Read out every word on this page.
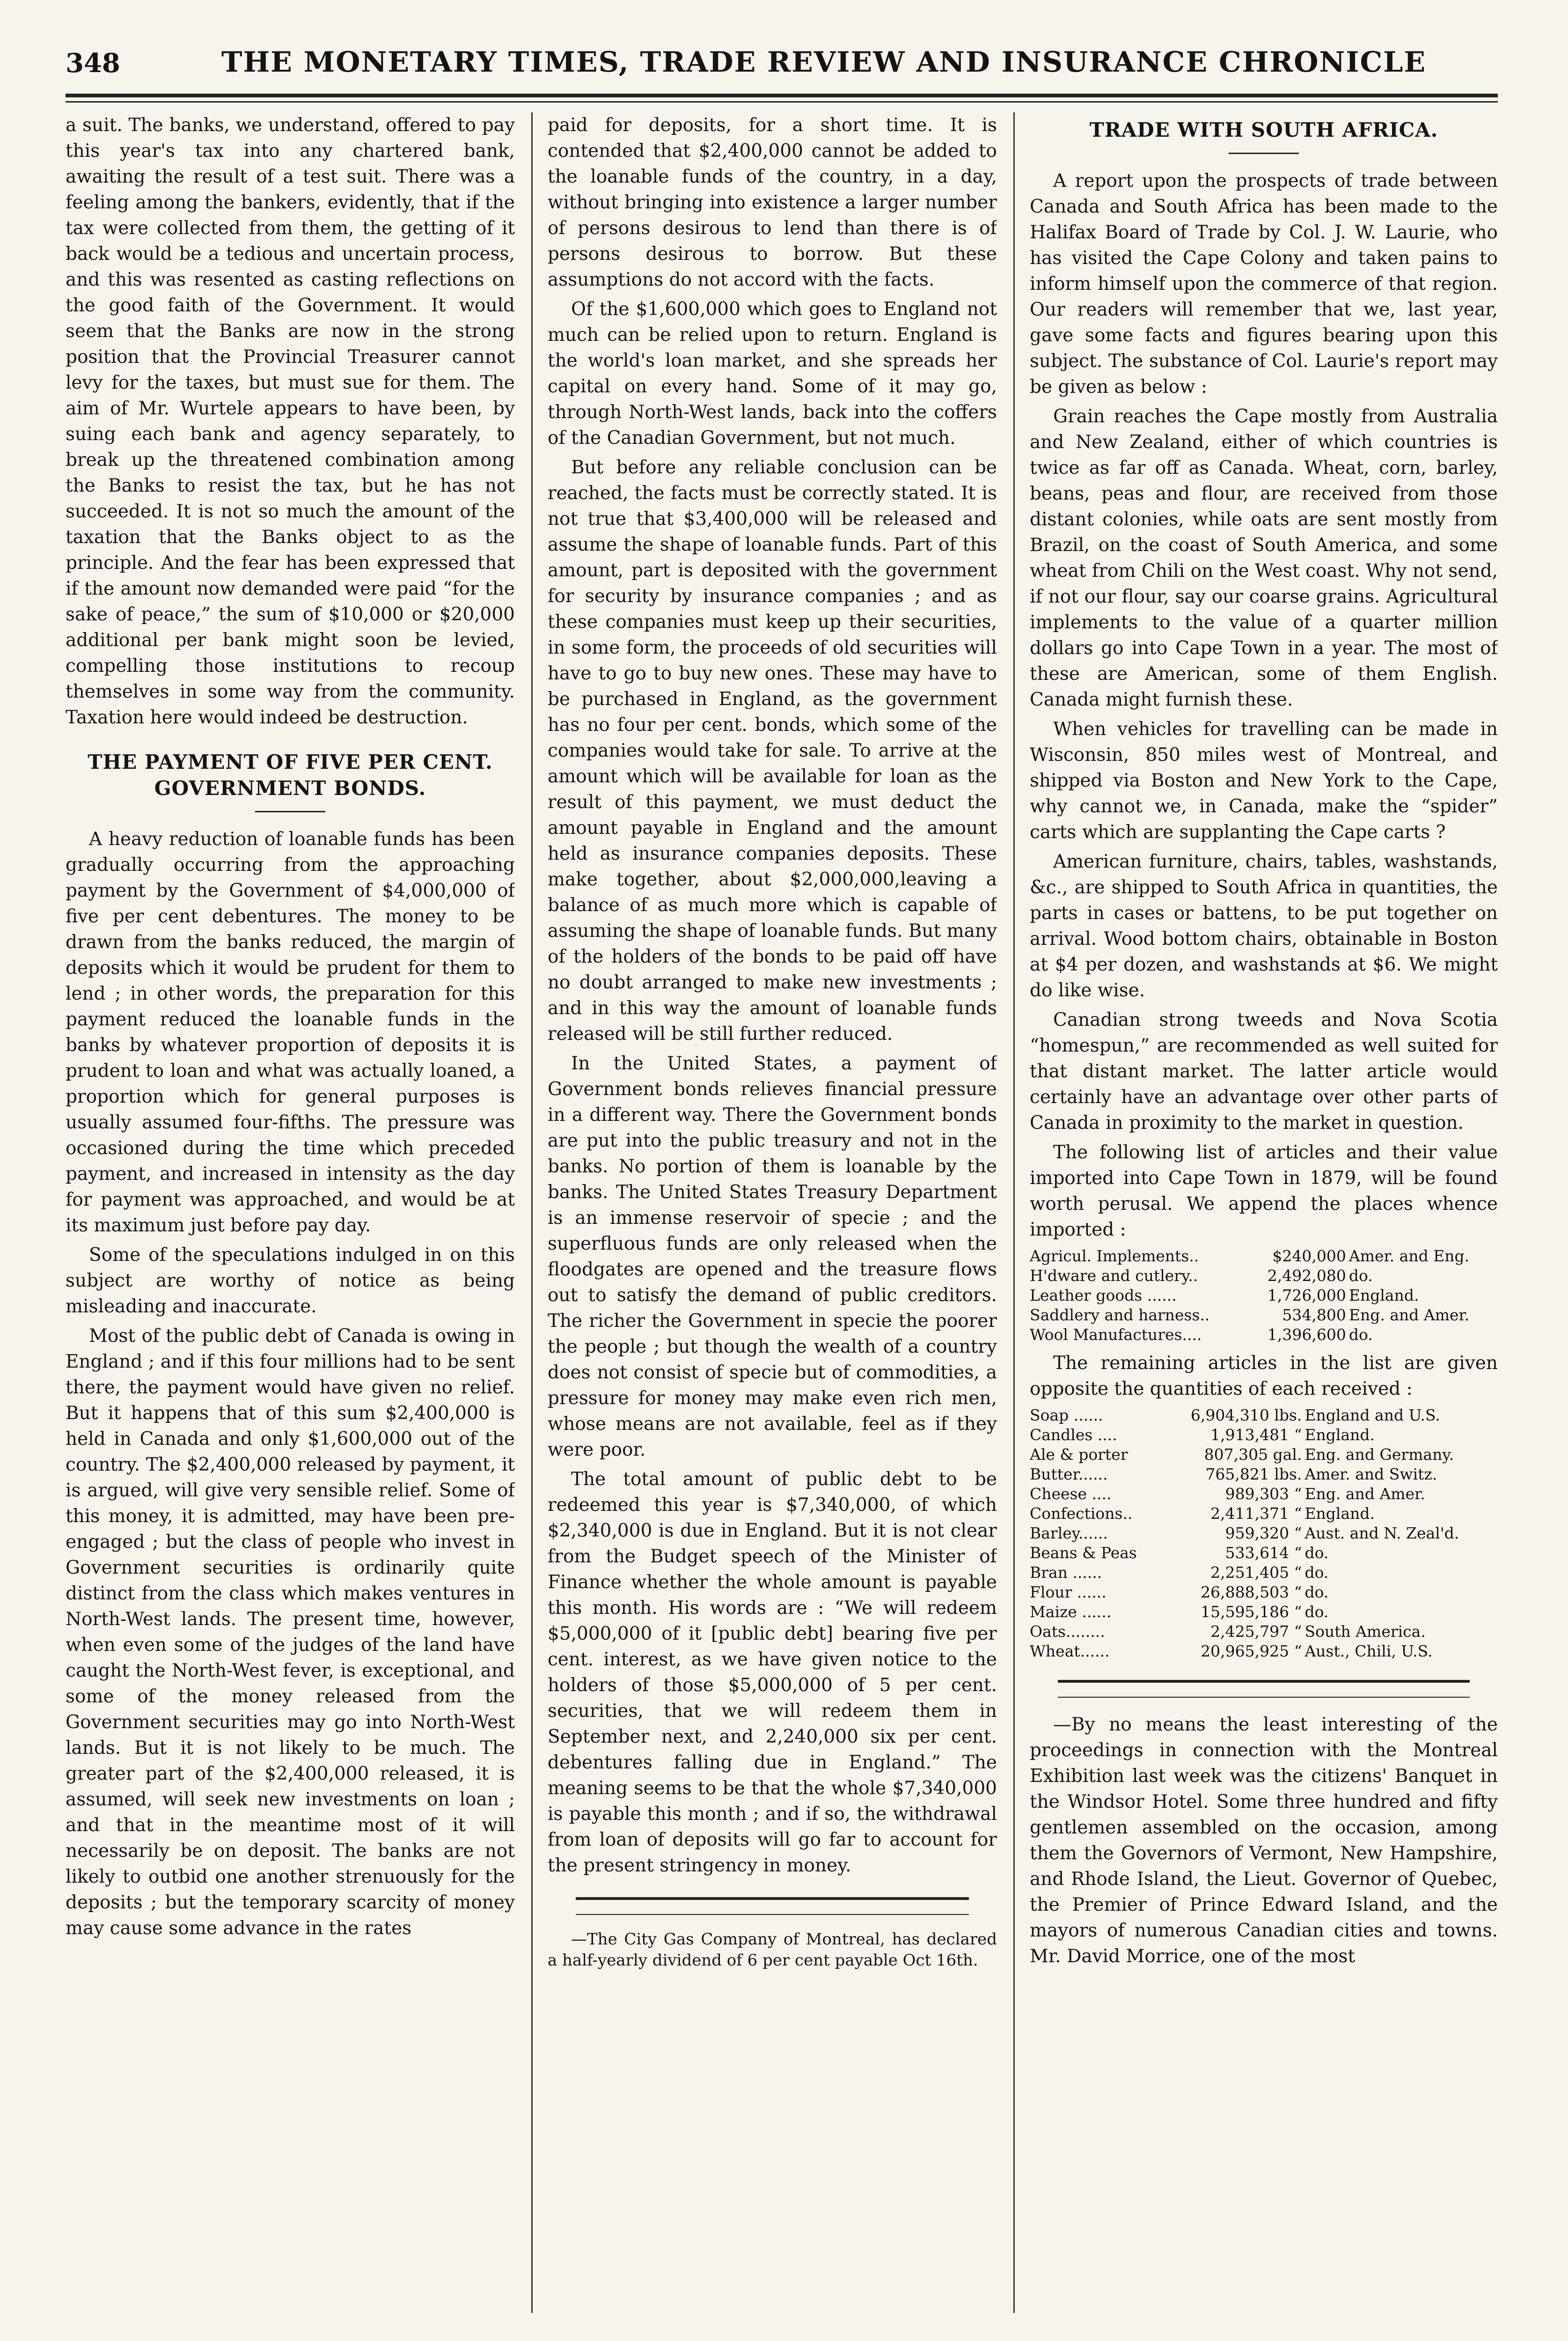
348	THE MONETARY TIMES, TRADE REVIEW AND INSURANCE CHRONICLE

a suit. The banks, we understand, offered to pay this year's tax into any chartered bank, awaiting the result of a test suit. There was a feeling among the bankers, evidently, that if the tax were collected from them, the getting of it back would be a tedious and uncertain process, and this was resented as casting reflections on the good faith of the Government. It would seem that the Banks are now in the strong position that the Provincial Treasurer cannot levy for the taxes, but must sue for them. The aim of Mr. Wurtele appears to have been, by suing each bank and agency separately, to break up the threatened combination among the Banks to resist the tax, but he has not succeeded. It is not so much the amount of the taxation that the Banks object to as the principle. And the fear has been expressed that if the amount now demanded were paid “for the sake of peace,” the sum of $10,000 or $20,000 additional per bank might soon be levied, compelling those institutions to recoup themselves in some way from the community. Taxation here would indeed be destruction.

THE PAYMENT OF FIVE PER CENT. GOVERNMENT BONDS.

A heavy reduction of loanable funds has been gradually occurring from the approaching payment by the Government of $4,000,000 of five per cent debentures. The money to be drawn from the banks reduced, the margin of deposits which it would be prudent for them to lend ; in other words, the preparation for this payment reduced the loanable funds in the banks by whatever proportion of deposits it is prudent to loan and what was actually loaned, a proportion which for general purposes is usually assumed four-fifths. The pressure was occasioned during the time which preceded payment, and increased in intensity as the day for payment was approached, and would be at its maximum just before pay day.

Some of the speculations indulged in on this subject are worthy of notice as being misleading and inaccurate.

Most of the public debt of Canada is owing in England ; and if this four millions had to be sent there, the payment would have given no relief. But it happens that of this sum $2,400,000 is held in Canada and only $1,600,000 out of the country. The $2,400,000 released by payment, it is argued, will give very sensible relief. Some of this money, it is admitted, may have been pre-engaged ; but the class of people who invest in Government securities is ordinarily quite distinct from the class which makes ventures in North-West lands. The present time, however, when even some of the judges of the land have caught the North-West fever, is exceptional, and some of the money released from the Government securities may go into North-West lands. But it is not likely to be much. The greater part of the $2,400,000 released, it is assumed, will seek new investments on loan ; and that in the meantime most of it will necessarily be on deposit. The banks are not likely to outbid one another strenuously for the deposits ; but the temporary scarcity of money may cause some advance in the rates

paid for deposits, for a short time. It is contended that $2,400,000 cannot be added to the loanable funds of the country, in a day, without bringing into existence a larger number of persons desirous to lend than there is of persons desirous to borrow. But these assumptions do not accord with the facts.

Of the $1,600,000 which goes to England not much can be relied upon to return. England is the world's loan market, and she spreads her capital on every hand. Some of it may go, through North-West lands, back into the coffers of the Canadian Government, but not much.

But before any reliable conclusion can be reached, the facts must be correctly stated. It is not true that $3,400,000 will be released and assume the shape of loanable funds. Part of this amount, part is deposited with the government for security by insurance companies ; and as these companies must keep up their securities, in some form, the proceeds of old securities will have to go to buy new ones. These may have to be purchased in England, as the government has no four per cent. bonds, which some of the companies would take for sale. To arrive at the amount which will be available for loan as the result of this payment, we must deduct the amount payable in England and the amount held as insurance companies deposits. These make together, about $2,000,000,leaving a balance of as much more which is capable of assuming the shape of loanable funds. But many of the holders of the bonds to be paid off have no doubt arranged to make new investments ; and in this way the amount of loanable funds released will be still further reduced.

In the United States, a payment of Government bonds relieves financial pressure in a different way. There the Government bonds are put into the public treasury and not in the banks. No portion of them is loanable by the banks. The United States Treasury Department is an immense reservoir of specie ; and the superfluous funds are only released when the floodgates are opened and the treasure flows out to satisfy the demand of public creditors. The richer the Government in specie the poorer the people ; but though the wealth of a country does not consist of specie but of commodities, a pressure for money may make even rich men, whose means are not available, feel as if they were poor.

The total amount of public debt to be redeemed this year is $7,340,000, of which $2,340,000 is due in England. But it is not clear from the Budget speech of the Minister of Finance whether the whole amount is payable this month. His words are : “We will redeem $5,000,000 of it [public debt] bearing five per cent. interest, as we have given notice to the holders of those $5,000,000 of 5 per cent. securities, that we will redeem them in September next, and 2,240,000 six per cent. debentures falling due in England.” The meaning seems to be that the whole $7,340,000 is payable this month ; and if so, the withdrawal from loan of deposits will go far to account for the present stringency in money.

—The City Gas Company of Montreal, has declared a half-yearly dividend of 6 per cent payable Oct 16th.

TRADE WITH SOUTH AFRICA.

A report upon the prospects of trade between Canada and South Africa has been made to the Halifax Board of Trade by Col. J. W. Laurie, who has visited the Cape Colony and taken pains to inform himself upon the commerce of that region. Our readers will remember that we, last year, gave some facts and figures bearing upon this subject. The substance of Col. Laurie's report may be given as below :

Grain reaches the Cape mostly from Australia and New Zealand, either of which countries is twice as far off as Canada. Wheat, corn, barley, beans, peas and flour, are received from those distant colonies, while oats are sent mostly from Brazil, on the coast of South America, and some wheat from Chili on the West coast. Why not send, if not our flour, say our coarse grains. Agricultural implements to the value of a quarter million dollars go into Cape Town in a year. The most of these are American, some of them English. Canada might furnish these.

When vehicles for travelling can be made in Wisconsin, 850 miles west of Montreal, and shipped via Boston and New York to the Cape, why cannot we, in Canada, make the “spider” carts which are supplanting the Cape carts ?

American furniture, chairs, tables, washstands, &c., are shipped to South Africa in quantities, the parts in cases or battens, to be put together on arrival. Wood bottom chairs, obtainable in Boston at $4 per dozen, and washstands at $6. We might do like wise.

Canadian strong tweeds and Nova Scotia “homespun,” are recommended as well suited for that distant market. The latter article would certainly have an advantage over other parts of Canada in proximity to the market in question.

The following list of articles and their value imported into Cape Town in 1879, will be found worth perusal. We append the places whence imported :

Agricul. Implements..	$240,000	Amer. and Eng.
H'dware and cutlery..	2,492,080	do.
Leather goods ......	1,726,000	England.
Saddlery and harness..	534,800	Eng. and Amer.
Wool Manufactures....	1,396,600	do.

The remaining articles in the list are given opposite the quantities of each received :

Soap ......	6,904,310 lbs.	England and U.S.
Candles ....	1,913,481 “	England.
Ale & porter	807,305 gal.	Eng. and Germany.
Butter......	765,821 lbs.	Amer. and Switz.
Cheese ....	989,303 “	Eng. and Amer.
Confections..	2,411,371 “	England.
Barley......	959,320 “	Aust. and N. Zeal'd.
Beans & Peas	533,614 “	do.
Bran ......	2,251,405 “	do.
Flour ......	26,888,503 “	do.
Maize ......	15,595,186 “	do.
Oats........	2,425,797 “	South America.
Wheat......	20,965,925 “	Aust., Chili, U.S.

—By no means the least interesting of the proceedings in connection with the Montreal Exhibition last week was the citizens' Banquet in the Windsor Hotel. Some three hundred and fifty gentlemen assembled on the occasion, among them the Governors of Vermont, New Hampshire, and Rhode Island, the Lieut. Governor of Quebec, the Premier of Prince Edward Island, and the mayors of numerous Canadian cities and towns. Mr. David Morrice, one of the most
